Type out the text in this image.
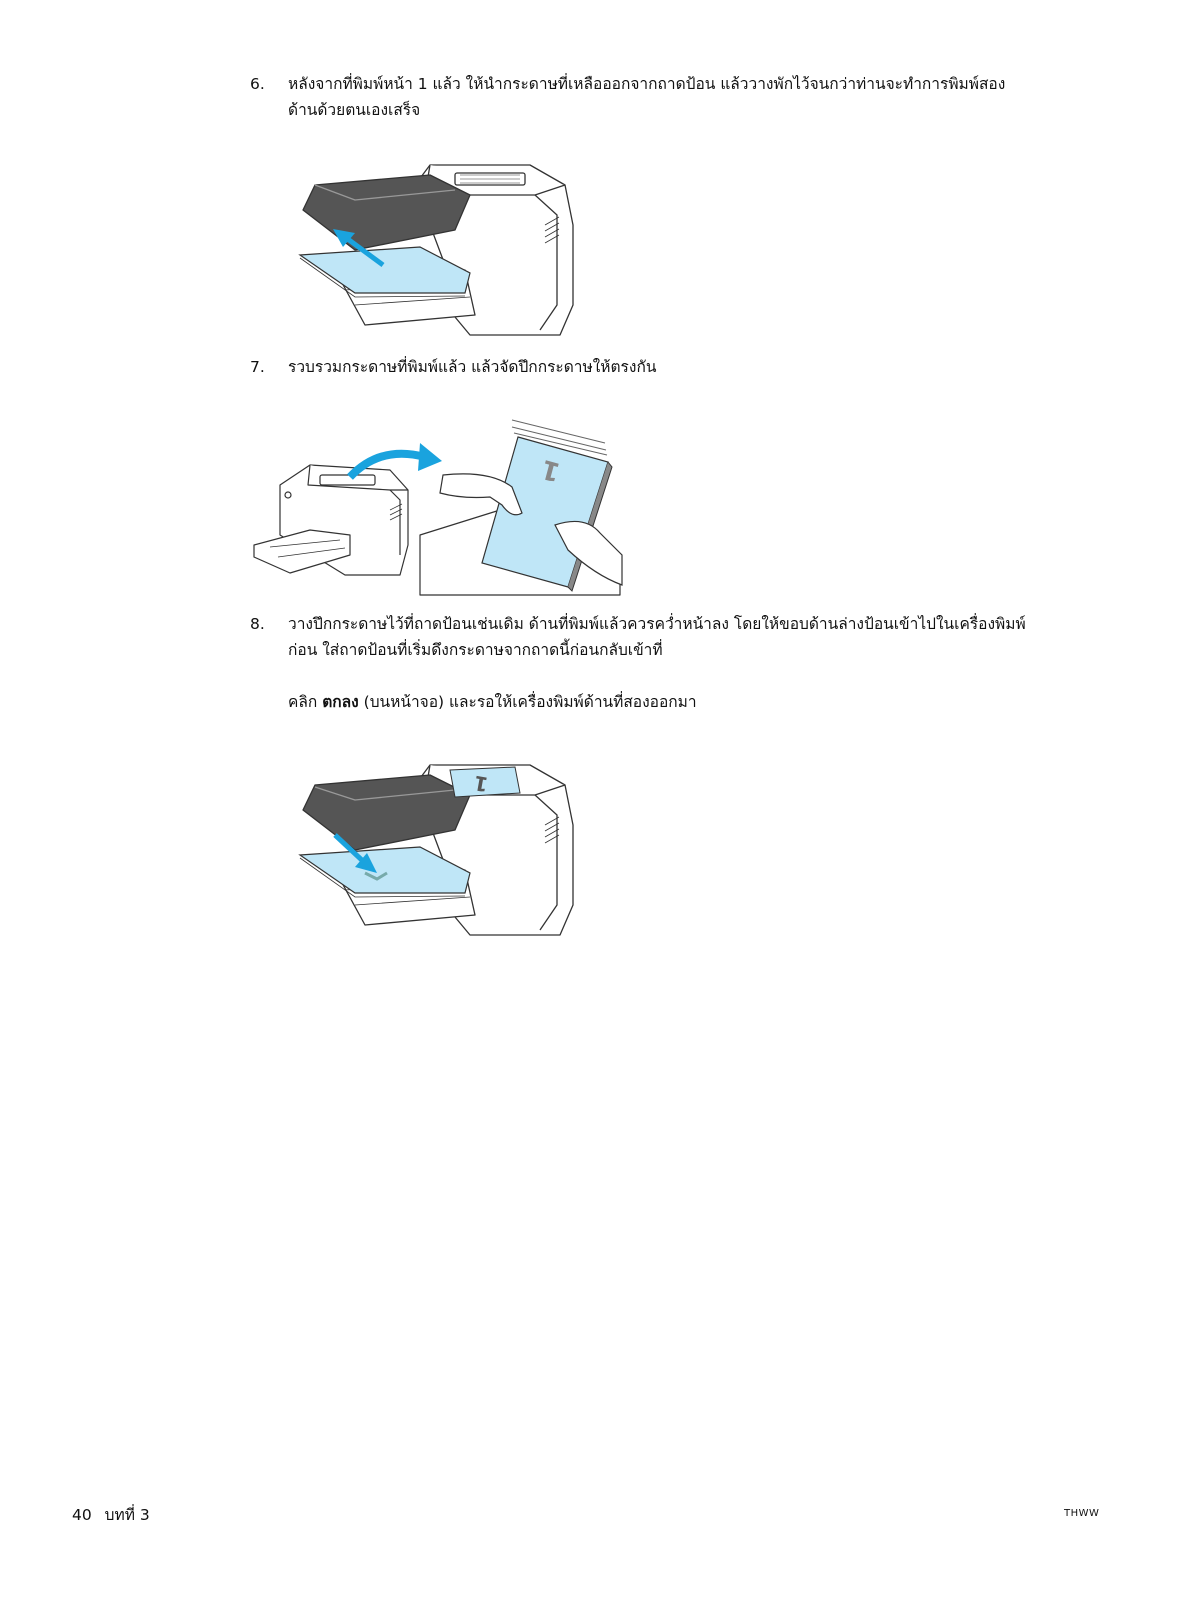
6.	หลังจากที่พิมพ์หน้า 1 แล้ว ให้นำกระดาษที่เหลือออกจากถาดป้อน แล้ววางพักไว้จนกว่าท่านจะทำการพิมพ์สอง
ด้านด้วยตนเองเสร็จ
7.	รวบรวมกระดาษที่พิมพ์แล้ว แล้วจัดปึกกระดาษให้ตรงกัน
1
8.	วางปึกกระดาษไว้ที่ถาดป้อนเช่นเดิม ด้านที่พิมพ์แล้วควรคว่ำหน้าลง โดยให้ขอบด้านล่างป้อนเข้าไปในเครื่องพิมพ์
ก่อน ใส่ถาดป้อนที่เริ่มดึงกระดาษจากถาดนี้ก่อนกลับเข้าที่
คลิก ตกลง (บนหน้าจอ) และรอให้เครื่องพิมพ์ด้านที่สองออกมา
1
40 บทที่ 3	THWW
